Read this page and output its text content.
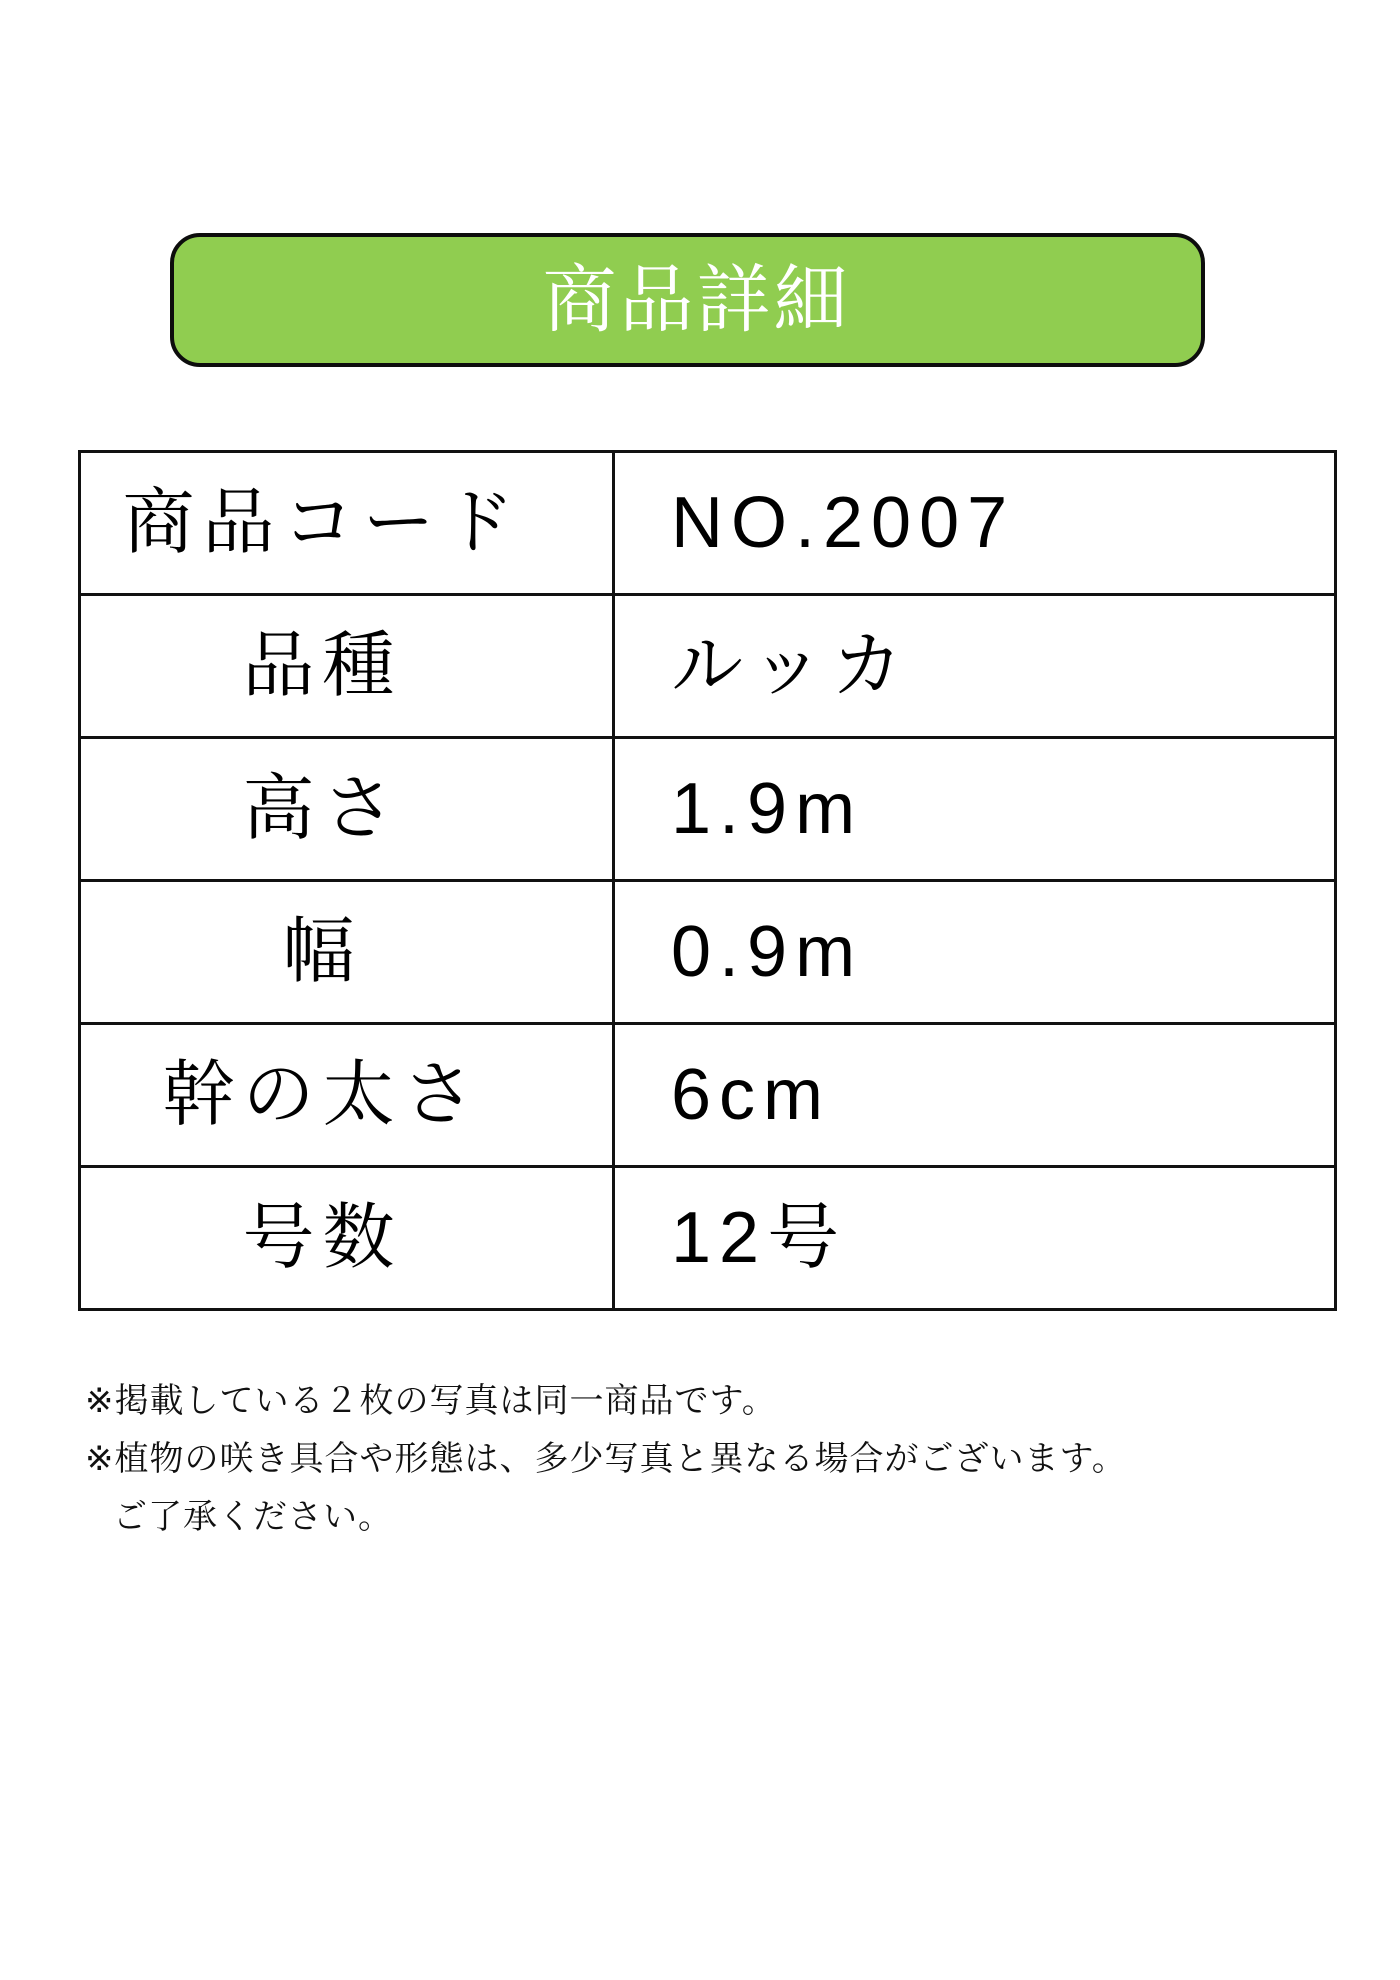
商品詳細
商品コード	NO.2007
品種	ルッカ
高さ	1.9m
幅	0.9m
幹の太さ	6cm
号数	12号
※掲載している２枚の写真は同一商品です。
※植物の咲き具合や形態は、多少写真と異なる場合がございます。
ご了承ください。
